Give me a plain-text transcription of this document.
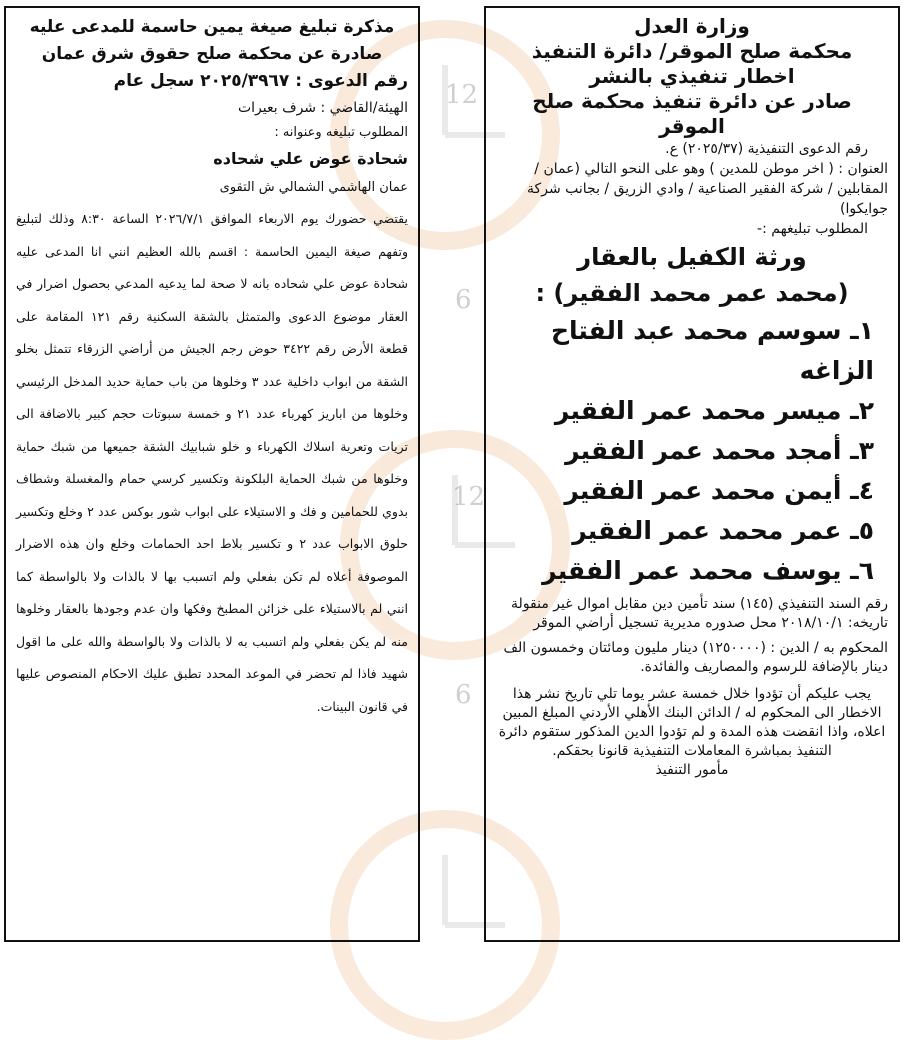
12
6
12
6

مذكرة تبليغ صيغة يمين حاسمة للمدعى عليه

صادرة عن محكمة صلح حقوق شرق عمان

رقم الدعوى : ٢٠٢٥/٣٩٦٧ سجل عام

الهيئة/القاضي : شرف بعيرات

المطلوب تبليغه وعنوانه :

شحادة عوض علي شحاده

عمان الهاشمي الشمالي ش التقوى

يقتضي حضورك يوم الاربعاء الموافق ٢٠٢٦/٧/١ الساعة ٨:٣٠ وذلك لتبليغ وتفهم صيغة اليمين الحاسمة : اقسم بالله العظيم انني انا المدعى عليه شحادة عوض علي شحاده بانه لا صحة لما يدعيه المدعي بحصول اضرار في العقار موضوع الدعوى والمتمثل بالشقة السكنية رقم ١٢١ المقامة على قطعة الأرض رقم ٣٤٢٢ حوض رجم الجيش من أراضي الزرقاء تتمثل بخلو الشقة من ابواب داخلية عدد ٣ وخلوها من باب حماية حديد المدخل الرئيسي وخلوها من اباريز كهرباء عدد ٢١ و خمسة سبوتات حجم كبير بالاضافة الى تريات وتعرية اسلاك الكهرباء و خلو شبابيك الشقة جميعها من شبك حماية وخلوها من شبك الحماية البلكونة وتكسير كرسي حمام والمغسلة وشطاف بدوي للحمامين و فك و الاستيلاء على ابواب شور بوكس عدد ٢ وخلع وتكسير حلوق الابواب عدد ٢ و تكسير بلاط احد الحمامات وخلع وان هذه الاضرار الموصوفة أعلاه لم تكن بفعلي ولم اتسبب بها لا بالذات ولا بالواسطة كما انني لم بالاستيلاء على خزائن المطبخ وفكها وان عدم وجودها بالعقار وخلوها منه لم يكن بفعلي ولم اتسبب به لا بالذات ولا بالواسطة والله على ما اقول شهيد فاذا لم تحضر في الموعد المحدد تطبق عليك الاحكام المنصوص عليها في قانون البينات.

وزارة العدل

محكمة صلح الموقر/ دائرة التنفيذ

اخطار تنفيذي بالنشر

صادر عن دائرة تنفيذ محكمة صلح الموقر

رقم الدعوى التنفيذية (٢٠٢٥/٣٧) ع.

العنوان : ( اخر موطن للمدين ) وهو على النحو التالي (عمان / المقابلين / شركة الفقير الصناعية / وادي الزريق / بجانب شركة جوايكوا)

المطلوب تبليغهم :-

ورثة الكفيل بالعقار

(محمد عمر محمد الفقير) :

١ـ سوسم محمد عبد الفتاح الزاغه

٢ـ ميسر محمد عمر الفقير

٣ـ أمجد محمد عمر الفقير

٤ـ أيمن محمد عمر الفقير

٥ـ عمر محمد عمر الفقير

٦ـ يوسف محمد عمر الفقير

رقم السند التنفيذي (١٤٥) سند تأمين دين مقابل اموال غير منقولة تاريخه: ٢٠١٨/١٠/١ محل صدوره مديرية تسجيل أراضي الموقر

المحكوم به / الدين : (١٢٥٠٠٠٠) دينار مليون ومائتان وخمسون الف دينار بالإضافة للرسوم والمصاريف والفائدة.

يجب عليكم أن تؤدوا خلال خمسة عشر يوما تلي تاريخ نشر هذا الاخطار الى المحكوم له / الدائن البنك الأهلي الأردني المبلغ المبين اعلاه، واذا انقضت هذه المدة و لم تؤدوا الدين المذكور ستقوم دائرة التنفيذ بمباشرة المعاملات التنفيذية قانونا بحقكم.

مأمور التنفيذ
